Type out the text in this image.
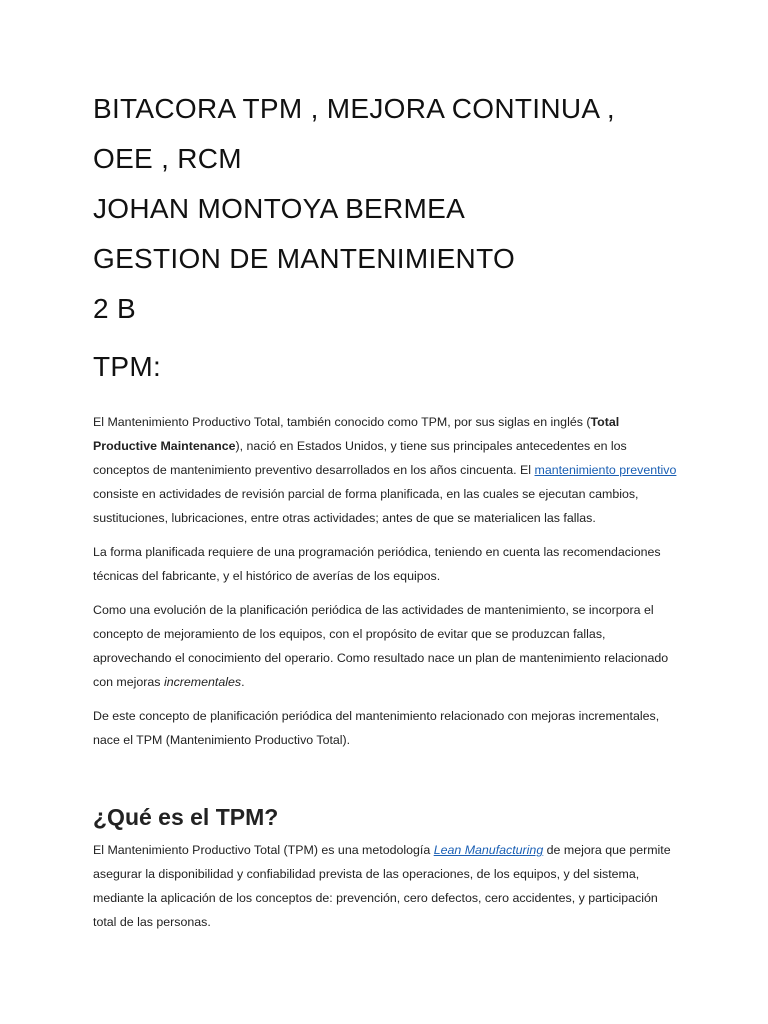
BITACORA TPM , MEJORA CONTINUA , OEE , RCM
JOHAN MONTOYA BERMEA
GESTION DE MANTENIMIENTO
2 B
TPM:

El Mantenimiento Productivo Total, también conocido como TPM, por sus siglas en inglés (Total Productive Maintenance), nació en Estados Unidos, y tiene sus principales antecedentes en los conceptos de mantenimiento preventivo desarrollados en los años cincuenta. El mantenimiento preventivo consiste en actividades de revisión parcial de forma planificada, en las cuales se ejecutan cambios, sustituciones, lubricaciones, entre otras actividades; antes de que se materialicen las fallas.

La forma planificada requiere de una programación periódica, teniendo en cuenta las recomendaciones técnicas del fabricante, y el histórico de averías de los equipos.

Como una evolución de la planificación periódica de las actividades de mantenimiento, se incorpora el concepto de mejoramiento de los equipos, con el propósito de evitar que se produzcan fallas, aprovechando el conocimiento del operario. Como resultado nace un plan de mantenimiento relacionado con mejoras incrementales.

De este concepto de planificación periódica del mantenimiento relacionado con mejoras incrementales, nace el TPM (Mantenimiento Productivo Total).

¿Qué es el TPM?

El Mantenimiento Productivo Total (TPM) es una metodología Lean Manufacturing de mejora que permite asegurar la disponibilidad y confiabilidad prevista de las operaciones, de los equipos, y del sistema, mediante la aplicación de los conceptos de: prevención, cero defectos, cero accidentes, y participación total de las personas.
